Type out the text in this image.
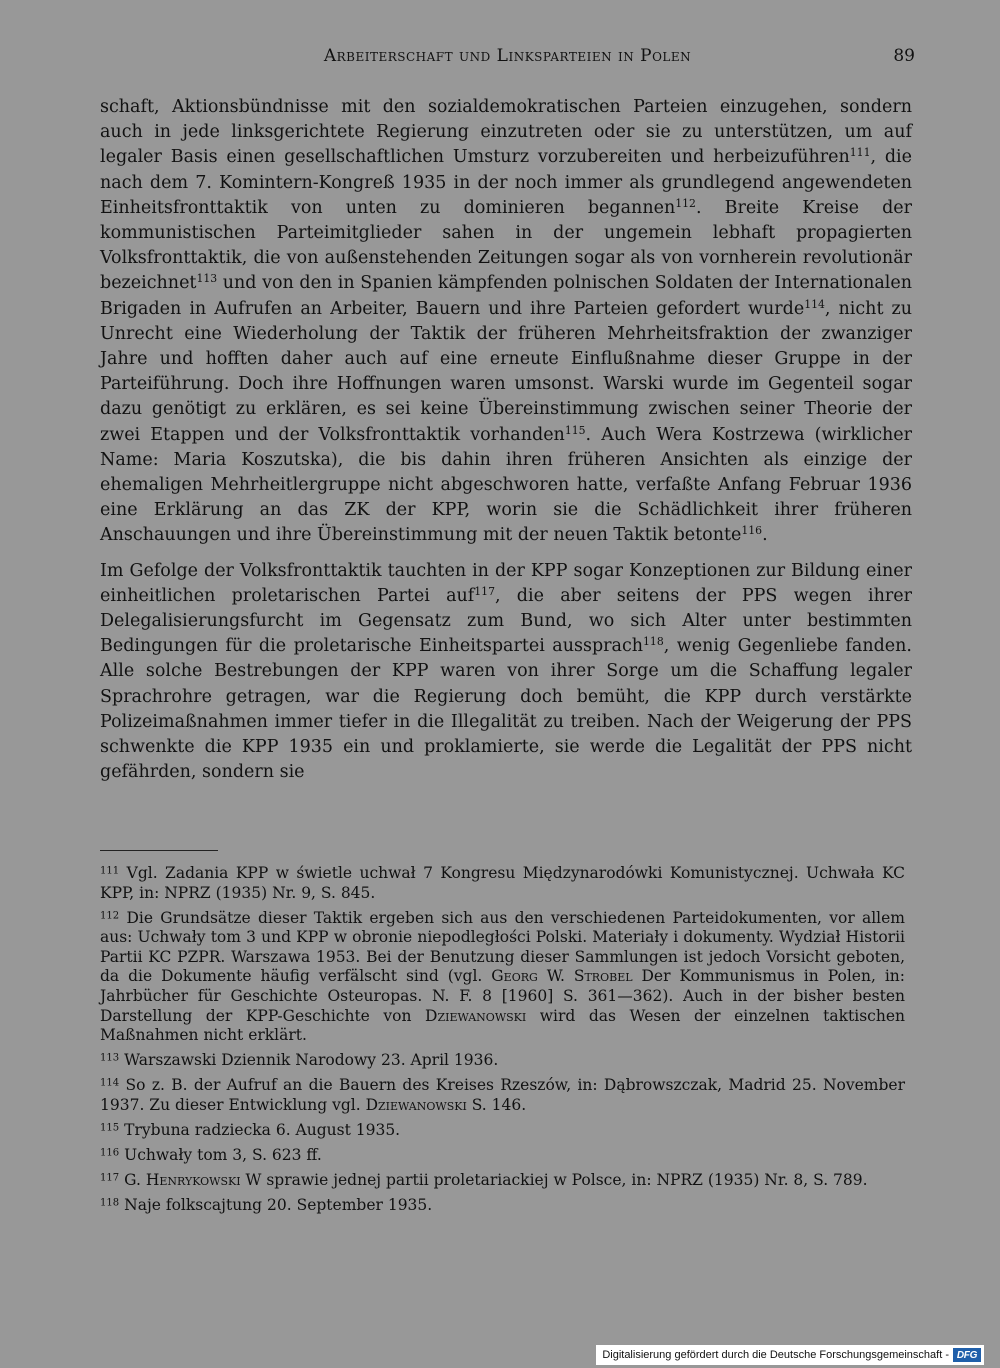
Arbeiterschaft und Linksparteien in Polen	89

schaft, Aktionsbündnisse mit den sozialdemokratischen Parteien einzugehen, sondern auch in jede linksgerichtete Regierung einzutreten oder sie zu unterstützen, um auf legaler Basis einen gesellschaftlichen Umsturz vorzubereiten und herbeizuführen$^{111}$, die nach dem 7. Komintern-Kongreß 1935 in der noch immer als grundlegend angewendeten Einheitsfronttaktik von unten zu dominieren begannen$^{112}$. Breite Kreise der kommunistischen Parteimitglieder sahen in der ungemein lebhaft propagierten Volksfronttaktik, die von außenstehenden Zeitungen sogar als von vornherein revolutionär bezeichnet$^{113}$ und von den in Spanien kämpfenden polnischen Soldaten der Internationalen Brigaden in Aufrufen an Arbeiter, Bauern und ihre Parteien gefordert wurde$^{114}$, nicht zu Unrecht eine Wiederholung der Taktik der früheren Mehrheitsfraktion der zwanziger Jahre und hofften daher auch auf eine erneute Einflußnahme dieser Gruppe in der Parteiführung. Doch ihre Hoffnungen waren umsonst. Warski wurde im Gegenteil sogar dazu genötigt zu erklären, es sei keine Übereinstimmung zwischen seiner Theorie der zwei Etappen und der Volksfronttaktik vorhanden$^{115}$. Auch Wera Kostrzewa (wirklicher Name: Maria Koszutska), die bis dahin ihren früheren Ansichten als einzige der ehemaligen Mehrheitlergruppe nicht abgeschworen hatte, verfaßte Anfang Februar 1936 eine Erklärung an das ZK der KPP, worin sie die Schädlichkeit ihrer früheren Anschauungen und ihre Übereinstimmung mit der neuen Taktik betonte$^{116}$.

Im Gefolge der Volksfronttaktik tauchten in der KPP sogar Konzeptionen zur Bildung einer einheitlichen proletarischen Partei auf$^{117}$, die aber seitens der PPS wegen ihrer Delegalisierungsfurcht im Gegensatz zum Bund, wo sich Alter unter bestimmten Bedingungen für die proletarische Einheitspartei aussprach$^{118}$, wenig Gegenliebe fanden. Alle solche Bestrebungen der KPP waren von ihrer Sorge um die Schaffung legaler Sprachrohre getragen, war die Regierung doch bemüht, die KPP durch verstärkte Polizeimaßnahmen immer tiefer in die Illegalität zu treiben. Nach der Weigerung der PPS schwenkte die KPP 1935 ein und proklamierte, sie werde die Legalität der PPS nicht gefährden, sondern sie

$^{111}$ Vgl. Zadania KPP w świetle uchwał 7 Kongresu Międzynarodówki Komunistycznej. Uchwała KC KPP, in: NPRZ (1935) Nr. 9, S. 845.

$^{112}$ Die Grundsätze dieser Taktik ergeben sich aus den verschiedenen Parteidokumenten, vor allem aus: Uchwały tom 3 und KPP w obronie niepodległości Polski. Materiały i dokumenty. Wydział Historii Partii KC PZPR. Warszawa 1953. Bei der Benutzung dieser Sammlungen ist jedoch Vorsicht geboten, da die Dokumente häufig verfälscht sind (vgl. Georg W. Strobel Der Kommunismus in Polen, in: Jahrbücher für Geschichte Osteuropas. N. F. 8 [1960] S. 361—362). Auch in der bisher besten Darstellung der KPP-Geschichte von Dziewanowski wird das Wesen der einzelnen taktischen Maßnahmen nicht erklärt.

$^{113}$ Warszawski Dziennik Narodowy 23. April 1936.

$^{114}$ So z. B. der Aufruf an die Bauern des Kreises Rzeszów, in: Dąbrowszczak, Madrid 25. November 1937. Zu dieser Entwicklung vgl. Dziewanowski S. 146.

$^{115}$ Trybuna radziecka 6. August 1935.

$^{116}$ Uchwały tom 3, S. 623 ff.

$^{117}$ G. Henrykowski W sprawie jednej partii proletariackiej w Polsce, in: NPRZ (1935) Nr. 8, S. 789.

$^{118}$ Naje folkscajtung 20. September 1935.

Digitalisierung gefördert durch die Deutsche Forschungsgemeinschaft - DFG
